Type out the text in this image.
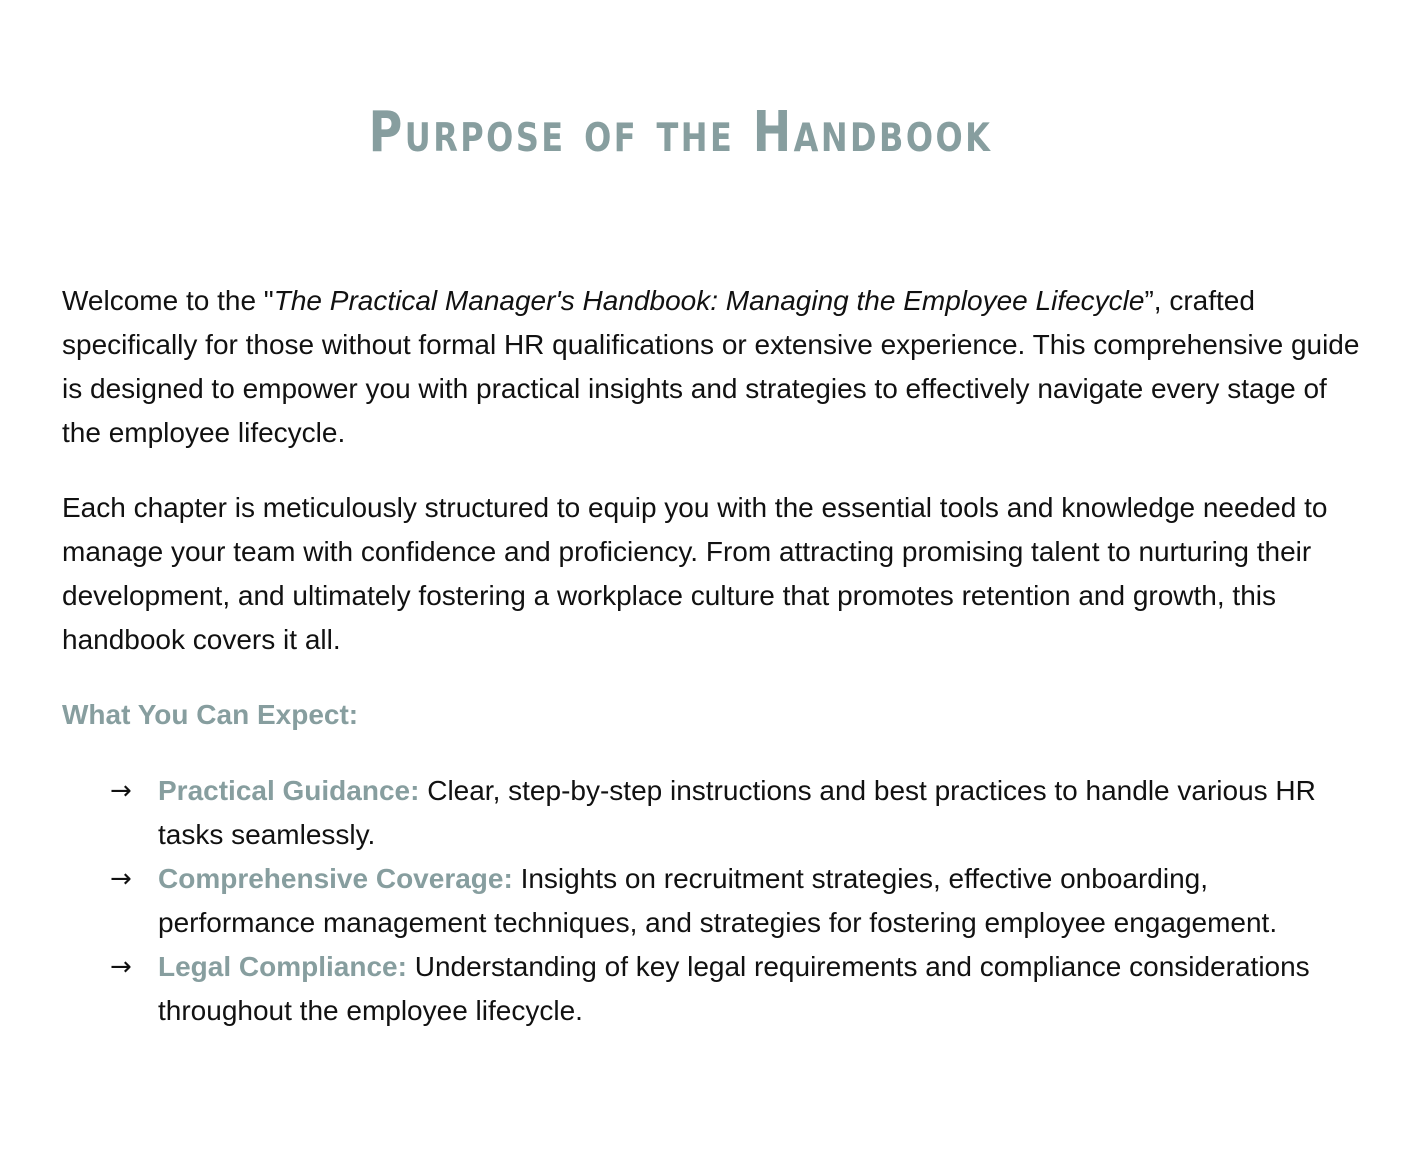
Purpose of the Handbook

Welcome to the "The Practical Manager's Handbook: Managing the Employee Lifecycle”, crafted specifically for those without formal HR qualifications or extensive experience. This comprehensive guide is designed to empower you with practical insights and strategies to effectively navigate every stage of the employee lifecycle.

Each chapter is meticulously structured to equip you with the essential tools and knowledge needed to manage your team with confidence and proficiency. From attracting promising talent to nurturing their development, and ultimately fostering a workplace culture that promotes retention and growth, this handbook covers it all.

What You Can Expect:
→ Practical Guidance: Clear, step-by-step instructions and best practices to handle various HR tasks seamlessly.
→ Comprehensive Coverage: Insights on recruitment strategies, effective onboarding, performance management techniques, and strategies for fostering employee engagement.
→ Legal Compliance: Understanding of key legal requirements and compliance considerations throughout the employee lifecycle.
